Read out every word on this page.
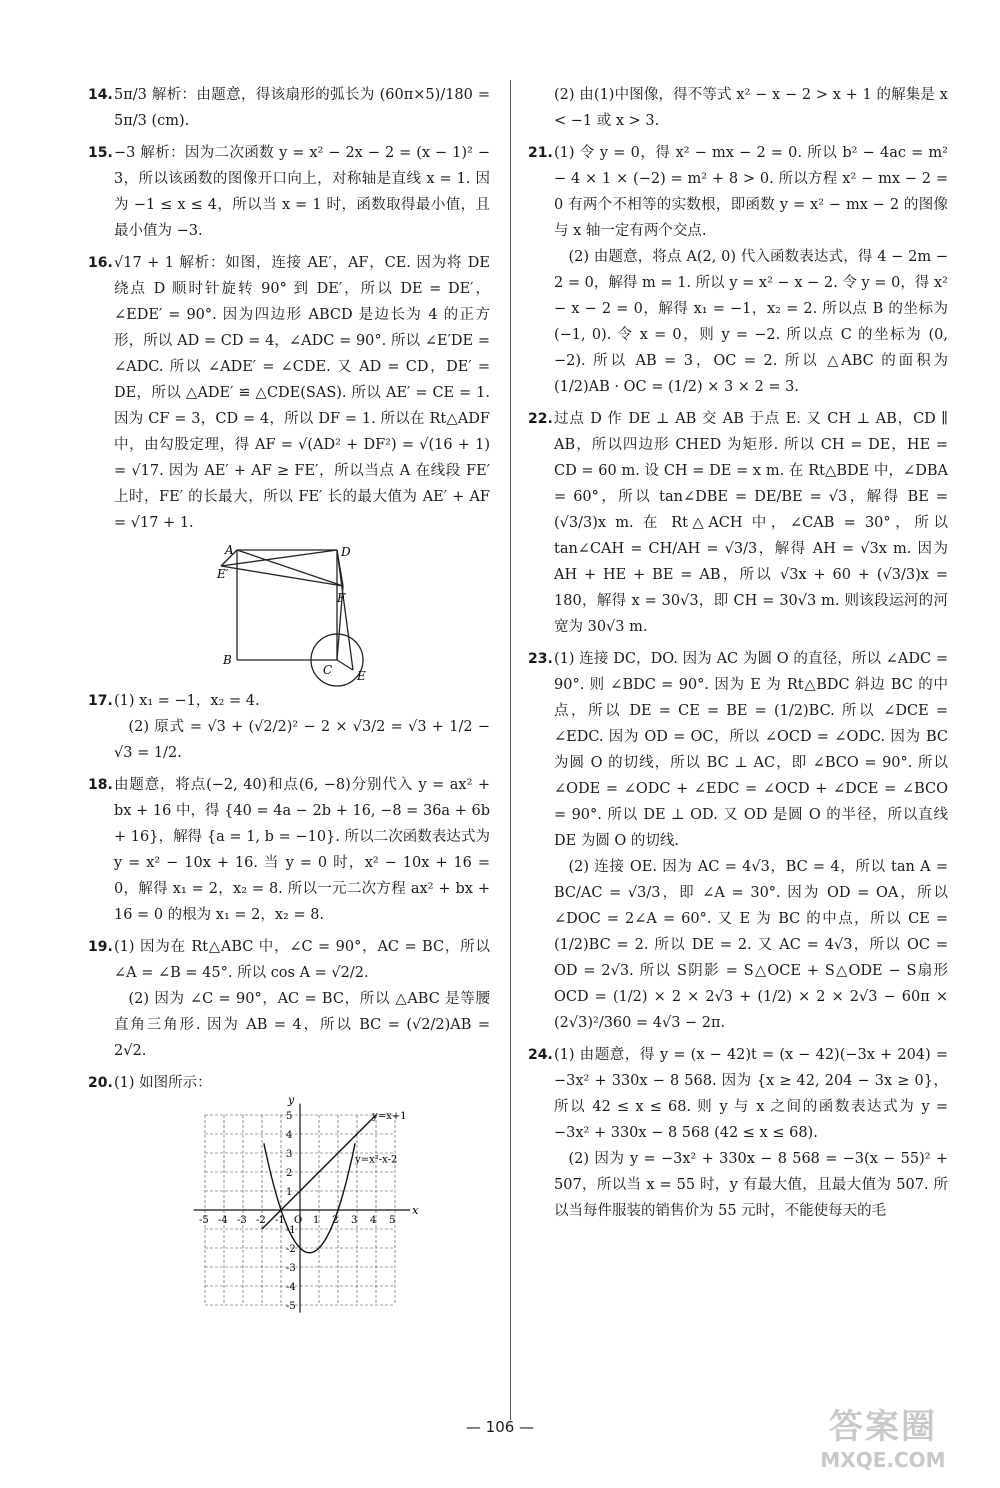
14. 5π/3 解析：由题意，得该扇形的弧长为 (60π×5)/180 = 5π/3 (cm).
15. −3 解析：因为二次函数 y = x² − 2x − 2 = (x − 1)² − 3，所以该函数的图像开口向上，对称轴是直线 x = 1. 因为 −1 ≤ x ≤ 4，所以当 x = 1 时，函数取得最小值，且最小值为 −3.
16. √17 + 1 解析：如图，连接 AE′，AF，CE. 因为将 DE 绕点 D 顺时针旋转 90° 到 DE′，所以 DE = DE′，∠EDE′ = 90°. 因为四边形 ABCD 是边长为 4 的正方形，所以 AD = CD = 4，∠ADC = 90°. 所以 ∠E′DE = ∠ADC. 所以 ∠ADE′ = ∠CDE. 又 AD = CD，DE′ = DE，所以 △ADE′ ≌ △CDE(SAS). 所以 AE′ = CE = 1. 因为 CF = 3，CD = 4，所以 DF = 1. 所以在 Rt△ADF 中，由勾股定理，得 AF = √(AD² + DF²) = √(16 + 1) = √17. 因为 AE′ + AF ≥ FE′，所以当点 A 在线段 FE′ 上时，FE′ 的长最大，所以 FE′ 长的最大值为 AE′ + AF = √17 + 1.
A	D
E′
F
B
C E
17. (1) x₁ = −1，x₂ = 4.
(2) 原式 = √3 + (√2/2)² − 2 × √3/2 = √3 + 1/2 − √3 = 1/2.
18. 由题意，将点(−2, 40)和点(6, −8)分别代入 y = ax² + bx + 16 中，得 {40 = 4a − 2b + 16, −8 = 36a + 6b + 16}，解得 {a = 1, b = −10}. 所以二次函数表达式为 y = x² − 10x + 16. 当 y = 0 时，x² − 10x + 16 = 0，解得 x₁ = 2，x₂ = 8. 所以一元二次方程 ax² + bx + 16 = 0 的根为 x₁ = 2，x₂ = 8.
19. (1) 因为在 Rt△ABC 中，∠C = 90°，AC = BC，所以 ∠A = ∠B = 45°. 所以 cos A = √2/2.
(2) 因为 ∠C = 90°，AC = BC，所以 △ABC 是等腰直角三角形. 因为 AB = 4，所以 BC = (√2/2)AB = 2√2.
20. (1) 如图所示：
x
y
-5 -4 -3 -2 -1 O 1 2 3 4 5
5
4
3
2
1
-1
-2
-3
-4
-5
y=x+1
y=x²-x-2
(2) 由(1)中图像，得不等式 x² − x − 2 > x + 1 的解集是 x < −1 或 x > 3.
21. (1) 令 y = 0，得 x² − mx − 2 = 0. 所以 b² − 4ac = m² − 4 × 1 × (−2) = m² + 8 > 0. 所以方程 x² − mx − 2 = 0 有两个不相等的实数根，即函数 y = x² − mx − 2 的图像与 x 轴一定有两个交点.
(2) 由题意，将点 A(2, 0) 代入函数表达式，得 4 − 2m − 2 = 0，解得 m = 1. 所以 y = x² − x − 2. 令 y = 0，得 x² − x − 2 = 0，解得 x₁ = −1，x₂ = 2. 所以点 B 的坐标为 (−1, 0). 令 x = 0，则 y = −2. 所以点 C 的坐标为 (0, −2). 所以 AB = 3，OC = 2. 所以 △ABC 的面积为 (1/2)AB · OC = (1/2) × 3 × 2 = 3.
22. 过点 D 作 DE ⊥ AB 交 AB 于点 E. 又 CH ⊥ AB，CD ∥ AB，所以四边形 CHED 为矩形. 所以 CH = DE，HE = CD = 60 m. 设 CH = DE = x m. 在 Rt△BDE 中，∠DBA = 60°，所以 tan∠DBE = DE/BE = √3，解得 BE = (√3/3)x m. 在 Rt△ACH 中，∠CAB = 30°，所以 tan∠CAH = CH/AH = √3/3，解得 AH = √3x m. 因为 AH + HE + BE = AB，所以 √3x + 60 + (√3/3)x = 180，解得 x = 30√3，即 CH = 30√3 m. 则该段运河的河宽为 30√3 m.
23. (1) 连接 DC，DO. 因为 AC 为圆 O 的直径，所以 ∠ADC = 90°. 则 ∠BDC = 90°. 因为 E 为 Rt△BDC 斜边 BC 的中点，所以 DE = CE = BE = (1/2)BC. 所以 ∠DCE = ∠EDC. 因为 OD = OC，所以 ∠OCD = ∠ODC. 因为 BC 为圆 O 的切线，所以 BC ⊥ AC，即 ∠BCO = 90°. 所以 ∠ODE = ∠ODC + ∠EDC = ∠OCD + ∠DCE = ∠BCO = 90°. 所以 DE ⊥ OD. 又 OD 是圆 O 的半径，所以直线 DE 为圆 O 的切线.
(2) 连接 OE. 因为 AC = 4√3，BC = 4，所以 tan A = BC/AC = √3/3，即 ∠A = 30°. 因为 OD = OA，所以 ∠DOC = 2∠A = 60°. 又 E 为 BC 的中点，所以 CE = (1/2)BC = 2. 所以 DE = 2. 又 AC = 4√3，所以 OC = OD = 2√3. 所以 S阴影 = S△OCE + S△ODE − S扇形OCD = (1/2) × 2 × 2√3 + (1/2) × 2 × 2√3 − 60π × (2√3)²/360 = 4√3 − 2π.
24. (1) 由题意，得 y = (x − 42)t = (x − 42)(−3x + 204) = −3x² + 330x − 8 568. 因为 {x ≥ 42, 204 − 3x ≥ 0}，所以 42 ≤ x ≤ 68. 则 y 与 x 之间的函数表达式为 y = −3x² + 330x − 8 568 (42 ≤ x ≤ 68).
(2) 因为 y = −3x² + 330x − 8 568 = −3(x − 55)² + 507，所以当 x = 55 时，y 有最大值，且最大值为 507. 所以当每件服装的销售价为 55 元时，不能使每天的毛
— 106 —	答案圈
MXQE.COM
